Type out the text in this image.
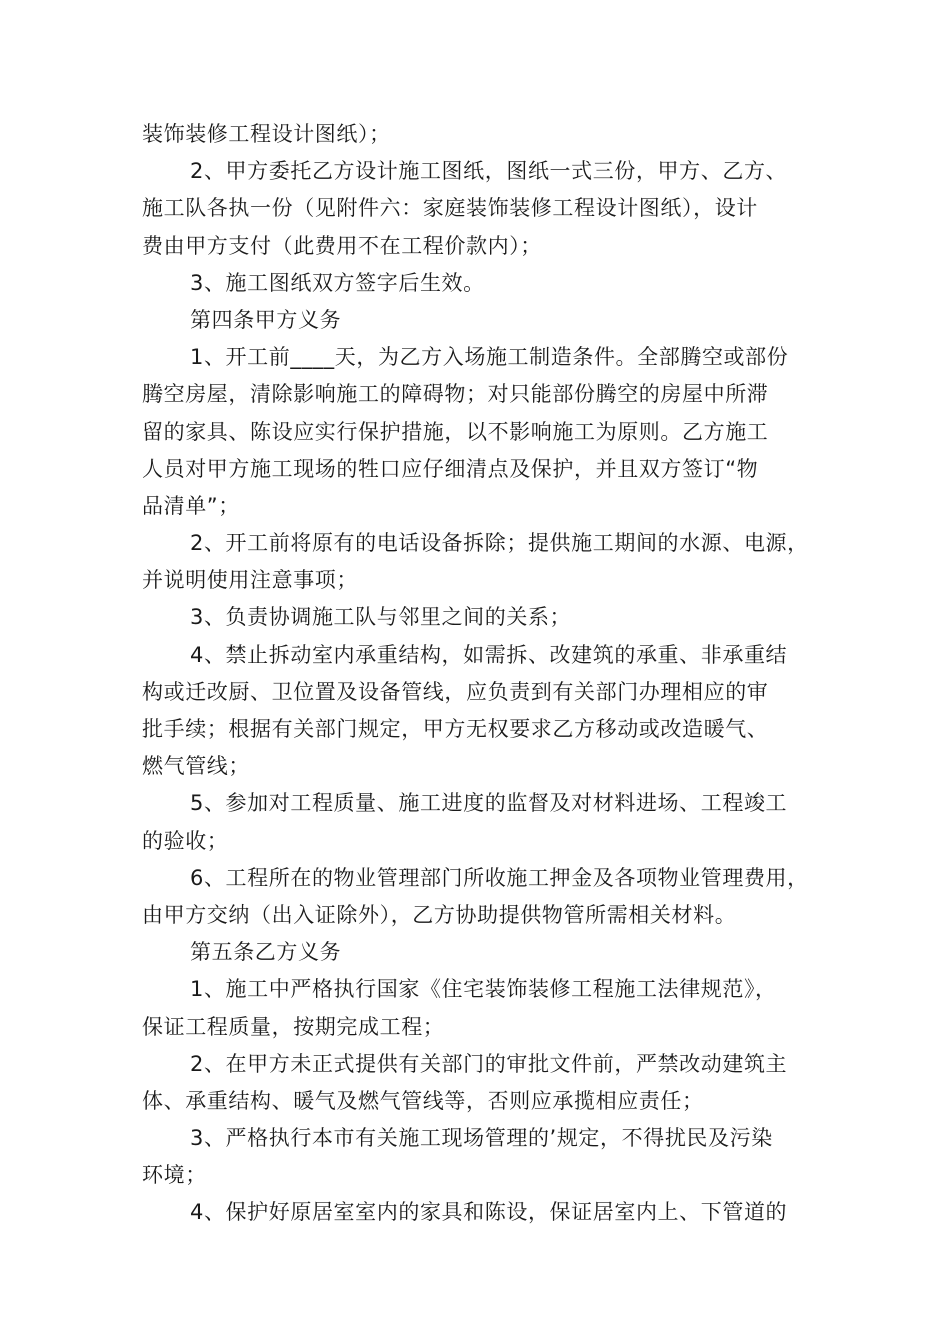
装饰装修工程设计图纸）；
2、甲方委托乙方设计施工图纸，图纸一式三份，甲方、乙方、
施工队各执一份（见附件六：家庭装饰装修工程设计图纸），设计
费由甲方支付（此费用不在工程价款内）；
3、施工图纸双方签字后生效。
第四条甲方义务
1、开工前____天，为乙方入场施工制造条件。全部腾空或部份
腾空房屋，清除影响施工的障碍物；对只能部份腾空的房屋中所滞
留的家具、陈设应实行保护措施，以不影响施工为原则。乙方施工
人员对甲方施工现场的牲口应仔细清点及保护，并且双方签订“物
品清单”；
2、开工前将原有的电话设备拆除；提供施工期间的水源、电源，
并说明使用注意事项；
3、负责协调施工队与邻里之间的关系；
4、禁止拆动室内承重结构，如需拆、改建筑的承重、非承重结
构或迁改厨、卫位置及设备管线，应负责到有关部门办理相应的审
批手续；根据有关部门规定，甲方无权要求乙方移动或改造暖气、
燃气管线；
5、参加对工程质量、施工进度的监督及对材料进场、工程竣工
的验收；
6、工程所在的物业管理部门所收施工押金及各项物业管理费用，
由甲方交纳（出入证除外），乙方协助提供物管所需相关材料。
第五条乙方义务
1、施工中严格执行国家《住宅装饰装修工程施工法律规范》，
保证工程质量，按期完成工程；
2、在甲方未正式提供有关部门的审批文件前，严禁改动建筑主
体、承重结构、暖气及燃气管线等，否则应承揽相应责任；
3、严格执行本市有关施工现场管理的’规定，不得扰民及污染
环境；
4、保护好原居室室内的家具和陈设，保证居室内上、下管道的
